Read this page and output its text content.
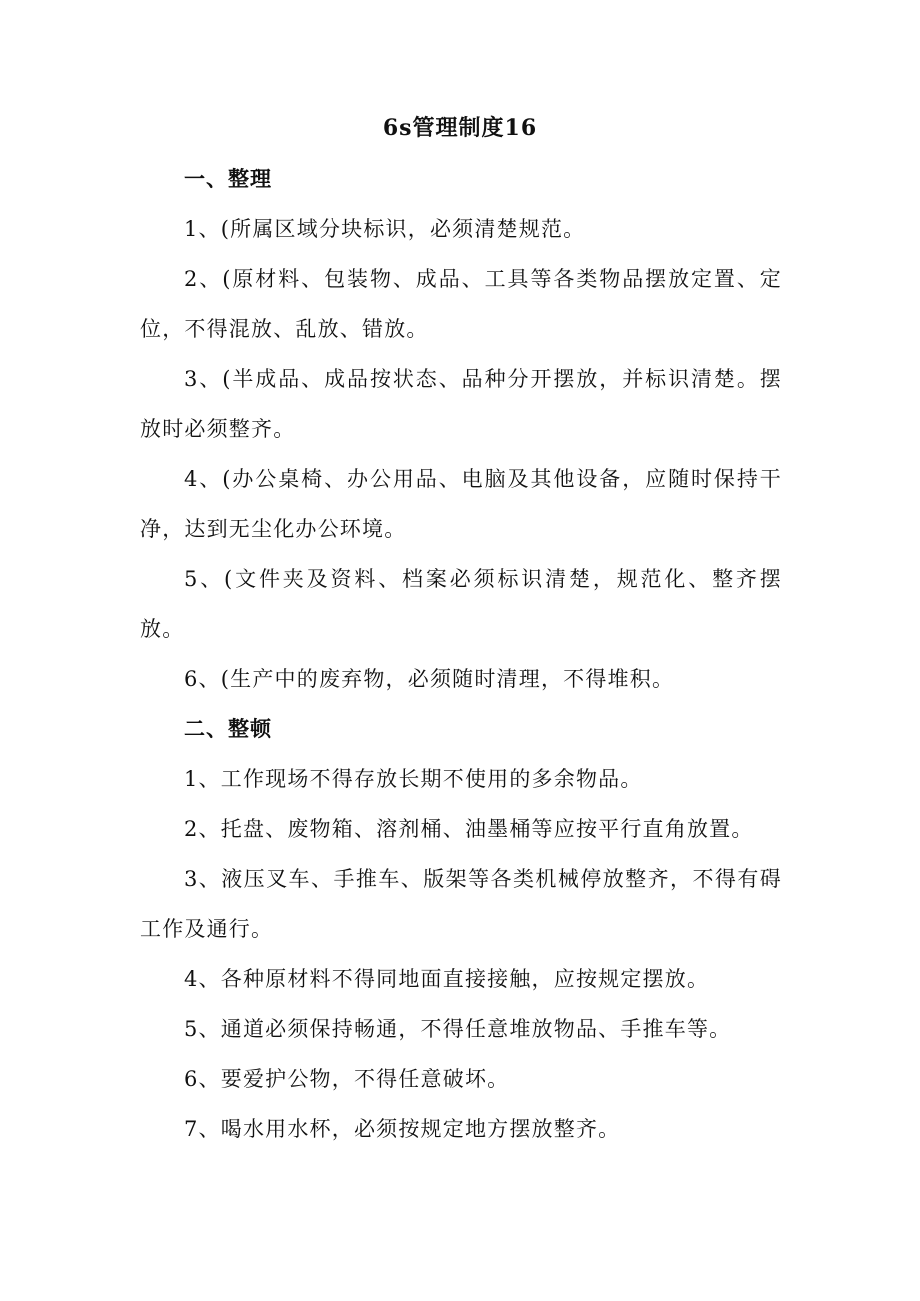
6s管理制度16

一、整理

1、(所属区域分块标识，必须清楚规范。

2、(原材料、包装物、成品、工具等各类物品摆放定置、定位，不得混放、乱放、错放。

3、(半成品、成品按状态、品种分开摆放，并标识清楚。摆放时必须整齐。

4、(办公桌椅、办公用品、电脑及其他设备，应随时保持干净，达到无尘化办公环境。

5、(文件夹及资料、档案必须标识清楚，规范化、整齐摆放。

6、(生产中的废弃物，必须随时清理，不得堆积。

二、整顿

1、工作现场不得存放长期不使用的多余物品。

2、托盘、废物箱、溶剂桶、油墨桶等应按平行直角放置。

3、液压叉车、手推车、版架等各类机械停放整齐，不得有碍工作及通行。

4、各种原材料不得同地面直接接触，应按规定摆放。

5、通道必须保持畅通，不得任意堆放物品、手推车等。

6、要爱护公物，不得任意破坏。

7、喝水用水杯，必须按规定地方摆放整齐。
